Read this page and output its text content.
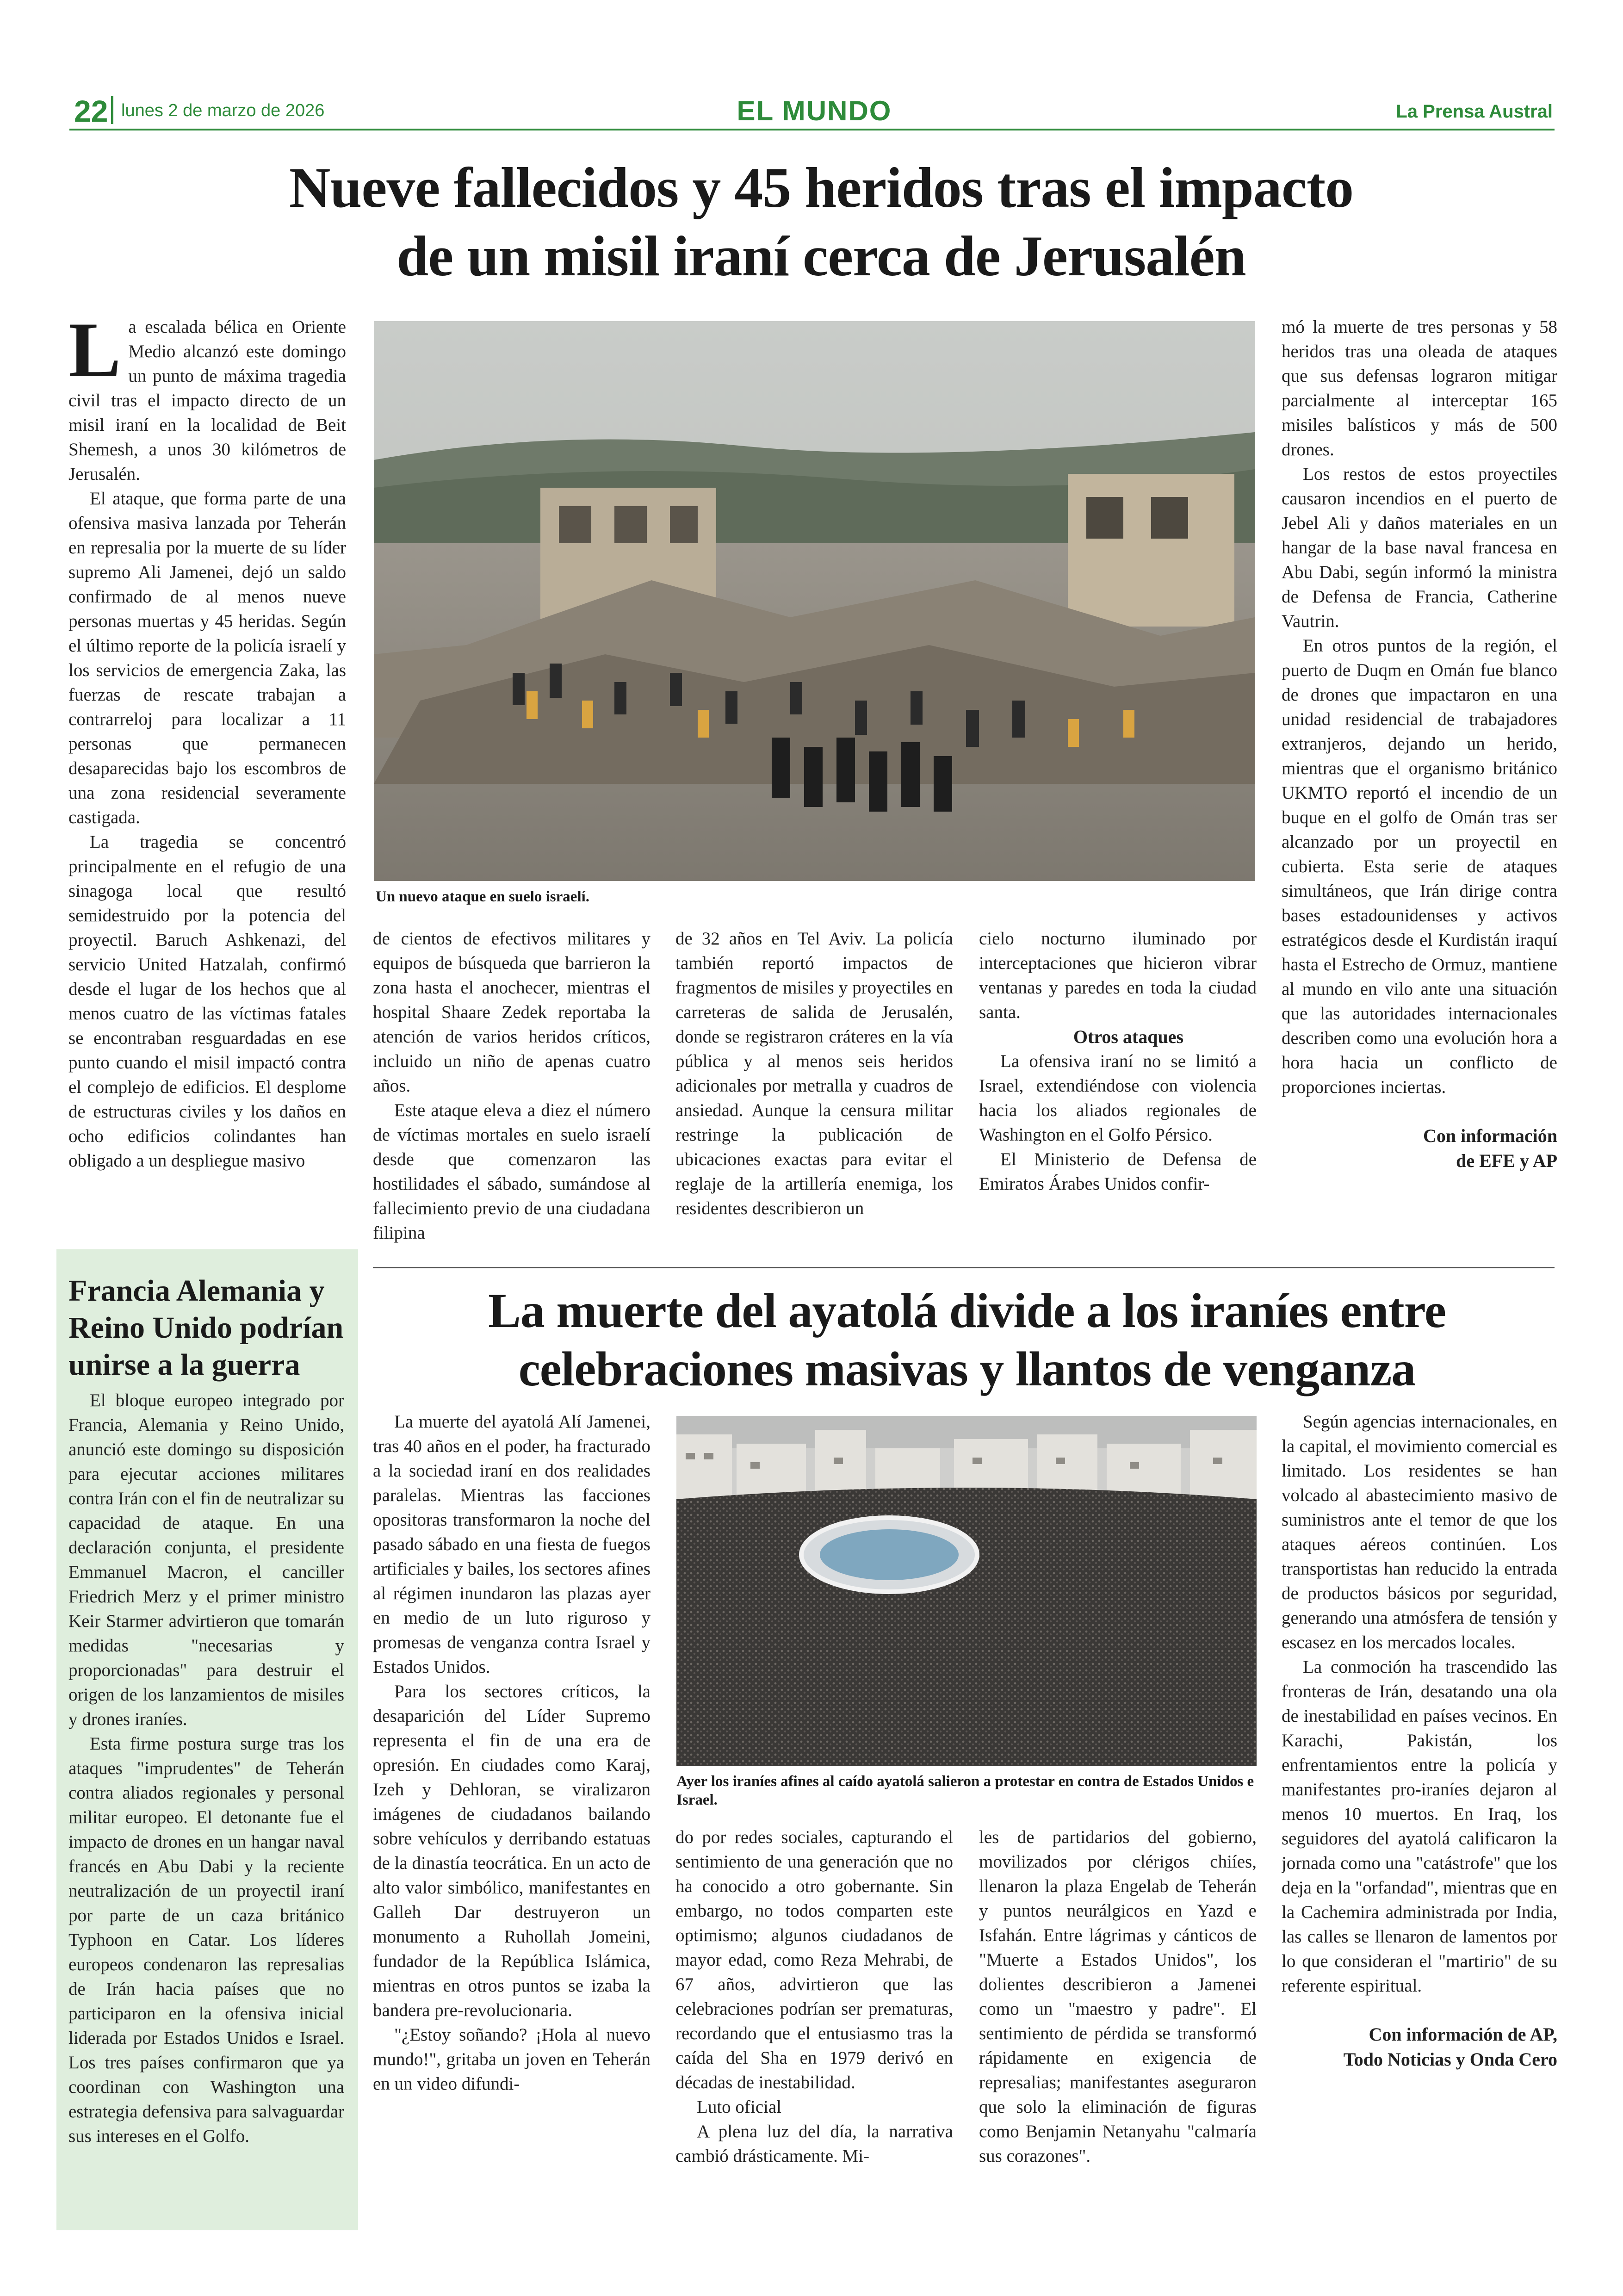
22 lunes 2 de marzo de 2026	EL MUNDO	La Prensa Austral
Nueve fallecidos y 45 heridos tras el impacto
de un misil iraní cerca de Jerusalén

La escalada bélica en Oriente Medio alcanzó este domingo un punto de máxima tragedia civil tras el impacto directo de un misil iraní en la localidad de Beit Shemesh, a unos 30 kilómetros de Jerusalén.

El ataque, que forma parte de una ofensiva masiva lanzada por Teherán en represalia por la muerte de su líder supremo Ali Jamenei, dejó un saldo confirmado de al menos nueve personas muertas y 45 heridas. Según el último reporte de la policía israelí y los servicios de emergencia Zaka, las fuerzas de rescate trabajan a contrarreloj para localizar a 11 personas que permanecen desaparecidas bajo los escombros de una zona residencial severamente castigada.

La tragedia se concentró principalmente en el refugio de una sinagoga local que resultó semidestruido por la potencia del proyectil. Baruch Ashkenazi, del servicio United Hatzalah, confirmó desde el lugar de los hechos que al menos cuatro de las víctimas fatales se encontraban resguardadas en ese punto cuando el misil impactó contra el complejo de edificios. El desplome de estructuras civiles y los daños en ocho edificios colindantes han obligado a un despliegue masivo

Un nuevo ataque en suelo israelí.

de cientos de efectivos militares y equipos de búsqueda que barrieron la zona hasta el anochecer, mientras el hospital Shaare Zedek reportaba la atención de varios heridos críticos, incluido un niño de apenas cuatro años.

Este ataque eleva a diez el número de víctimas mortales en suelo israelí desde que comenzaron las hostilidades el sábado, sumándose al fallecimiento previo de una ciudadana filipina

de 32 años en Tel Aviv. La policía también reportó impactos de fragmentos de misiles y proyectiles en carreteras de salida de Jerusalén, donde se registraron cráteres en la vía pública y al menos seis heridos adicionales por metralla y cuadros de ansiedad. Aunque la censura militar restringe la publicación de ubicaciones exactas para evitar el reglaje de la artillería enemiga, los residentes describieron un

cielo nocturno iluminado por interceptaciones que hicieron vibrar ventanas y paredes en toda la ciudad santa.

Otros ataques

La ofensiva iraní no se limitó a Israel, extendiéndose con violencia hacia los aliados regionales de Washington en el Golfo Pérsico.

El Ministerio de Defensa de Emiratos Árabes Unidos confir-

mó la muerte de tres personas y 58 heridos tras una oleada de ataques que sus defensas lograron mitigar parcialmente al interceptar 165 misiles balísticos y más de 500 drones.

Los restos de estos proyectiles causaron incendios en el puerto de Jebel Ali y daños materiales en un hangar de la base naval francesa en Abu Dabi, según informó la ministra de Defensa de Francia, Catherine Vautrin.

En otros puntos de la región, el puerto de Duqm en Omán fue blanco de drones que impactaron en una unidad residencial de trabajadores extranjeros, dejando un herido, mientras que el organismo británico UKMTO reportó el incendio de un buque en el golfo de Omán tras ser alcanzado por un proyectil en cubierta. Esta serie de ataques simultáneos, que Irán dirige contra bases estadounidenses y activos estratégicos desde el Kurdistán iraquí hasta el Estrecho de Ormuz, mantiene al mundo en vilo ante una situación que las autoridades internacionales describen como una evolución hora a hora hacia un conflicto de proporciones inciertas.

Con información
de EFE y AP
Francia Alemania y Reino Unido podrían unirse a la guerra

El bloque europeo integrado por Francia, Alemania y Reino Unido, anunció este domingo su disposición para ejecutar acciones militares contra Irán con el fin de neutralizar su capacidad de ataque. En una declaración conjunta, el presidente Emmanuel Macron, el canciller Friedrich Merz y el primer ministro Keir Starmer advirtieron que tomarán medidas "necesarias y proporcionadas" para destruir el origen de los lanzamientos de misiles y drones iraníes.

Esta firme postura surge tras los ataques "imprudentes" de Teherán contra aliados regionales y personal militar europeo. El detonante fue el impacto de drones en un hangar naval francés en Abu Dabi y la reciente neutralización de un proyectil iraní por parte de un caza británico Typhoon en Catar. Los líderes europeos condenaron las represalias de Irán hacia países que no participaron en la ofensiva inicial liderada por Estados Unidos e Israel. Los tres países confirmaron que ya coordinan con Washington una estrategia defensiva para salvaguardar sus intereses en el Golfo.

La muerte del ayatolá divide a los iraníes entre
celebraciones masivas y llantos de venganza

La muerte del ayatolá Alí Jamenei, tras 40 años en el poder, ha fracturado a la sociedad iraní en dos realidades paralelas. Mientras las facciones opositoras transformaron la noche del pasado sábado en una fiesta de fuegos artificiales y bailes, los sectores afines al régimen inundaron las plazas ayer en medio de un luto riguroso y promesas de venganza contra Israel y Estados Unidos.

Para los sectores críticos, la desaparición del Líder Supremo representa el fin de una era de opresión. En ciudades como Karaj, Izeh y Dehloran, se viralizaron imágenes de ciudadanos bailando sobre vehículos y derribando estatuas de la dinastía teocrática. En un acto de alto valor simbólico, manifestantes en Galleh Dar destruyeron un monumento a Ruhollah Jomeini, fundador de la República Islámica, mientras en otros puntos se izaba la bandera pre-revolucionaria.

"¿Estoy soñando? ¡Hola al nuevo mundo!", gritaba un joven en Teherán en un video difundi-

Ayer los iraníes afines al caído ayatolá salieron a protestar en contra de Estados Unidos e Israel.

do por redes sociales, capturando el sentimiento de una generación que no ha conocido a otro gobernante. Sin embargo, no todos comparten este optimismo; algunos ciudadanos de mayor edad, como Reza Mehrabi, de 67 años, advirtieron que las celebraciones podrían ser prematuras, recordando que el entusiasmo tras la caída del Sha en 1979 derivó en décadas de inestabilidad.

Luto oficial

A plena luz del día, la narrativa cambió drásticamente. Mi-

les de partidarios del gobierno, movilizados por clérigos chiíes, llenaron la plaza Engelab de Teherán y puntos neurálgicos en Yazd e Isfahán. Entre lágrimas y cánticos de "Muerte a Estados Unidos", los dolientes describieron a Jamenei como un "maestro y padre". El sentimiento de pérdida se transformó rápidamente en exigencia de represalias; manifestantes aseguraron que solo la eliminación de figuras como Benjamin Netanyahu "calmaría sus corazones".

Según agencias internacionales, en la capital, el movimiento comercial es limitado. Los residentes se han volcado al abastecimiento masivo de suministros ante el temor de que los ataques aéreos continúen. Los transportistas han reducido la entrada de productos básicos por seguridad, generando una atmósfera de tensión y escasez en los mercados locales.

La conmoción ha trascendido las fronteras de Irán, desatando una ola de inestabilidad en países vecinos. En Karachi, Pakistán, los enfrentamientos entre la policía y manifestantes pro-iraníes dejaron al menos 10 muertos. En Iraq, los seguidores del ayatolá calificaron la jornada como una "catástrofe" que los deja en la "orfandad", mientras que en la Cachemira administrada por India, las calles se llenaron de lamentos por lo que consideran el "martirio" de su referente espiritual.

Con información de AP,
Todo Noticias y Onda Cero
